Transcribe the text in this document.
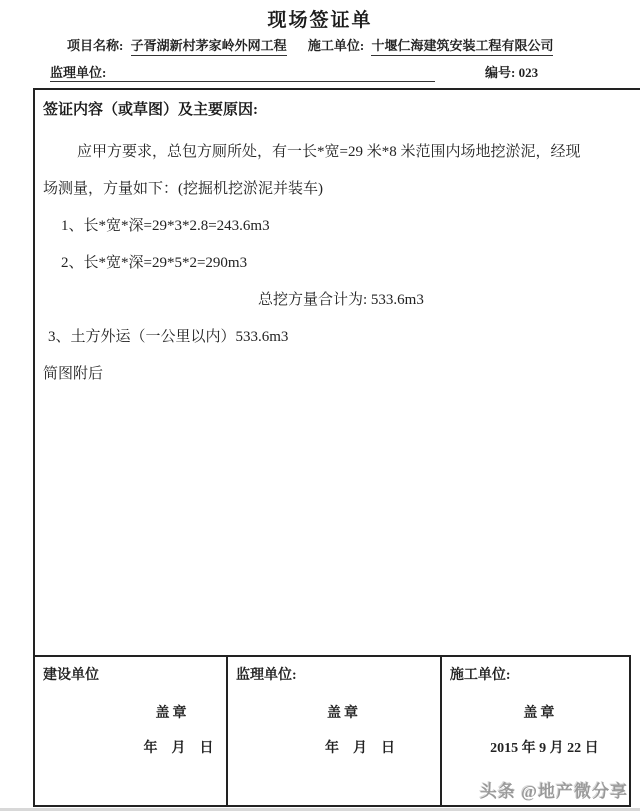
现场签证单
项目名称: 子胥湖新村茅家岭外网工程 施工单位: 十堰仁海建筑安装工程有限公司
监理单位:	编号: 023
签证内容（或草图）及主要原因:
应甲方要求，总包方厕所处，有一长*宽=29 米*8 米范围内场地挖淤泥，经现
场测量，方量如下：(挖掘机挖淤泥并装车)
1、长*宽*深=29*3*2.8=243.6m3
2、长*宽*深=29*5*2=290m3
总挖方量合计为: 533.6m3
3、土方外运（一公里以内）533.6m3
简图附后
建设单位
盖章
年　月　日
监理单位:
盖章
年　月　日
施工单位:
盖章
2015 年 9 月 22 日
头条 @地产微分享
